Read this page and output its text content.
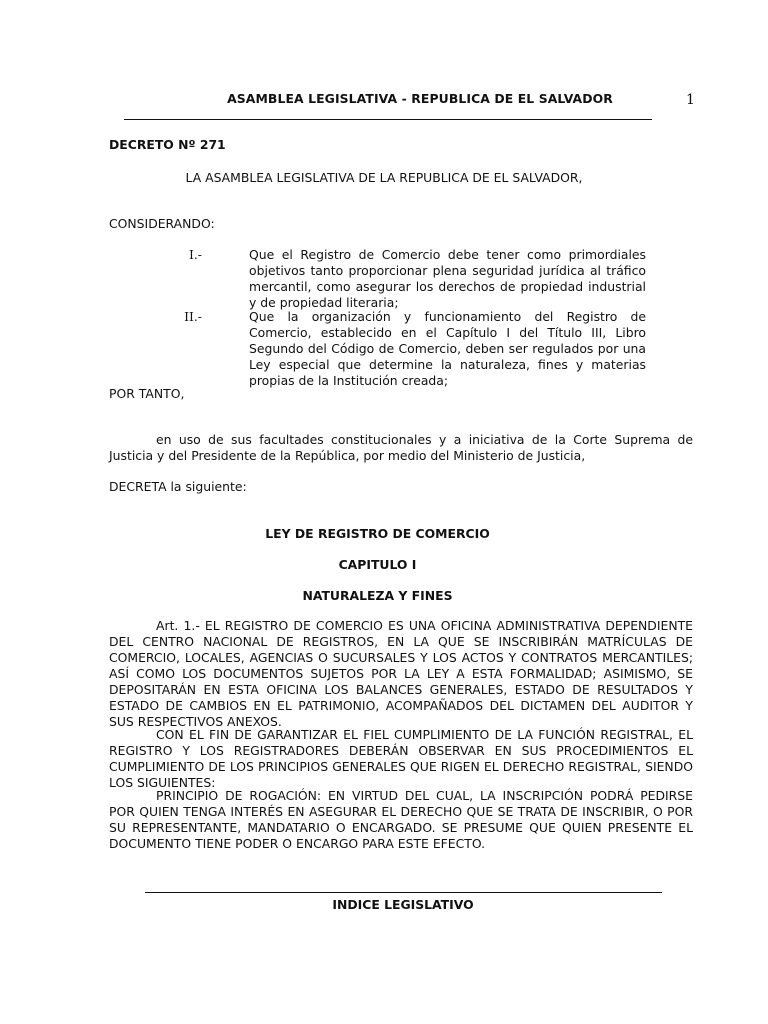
ASAMBLEA LEGISLATIVA - REPUBLICA DE EL SALVADOR	1
DECRETO Nº 271
LA ASAMBLEA LEGISLATIVA DE LA REPUBLICA DE EL SALVADOR,
CONSIDERANDO:
I.-	Que el Registro de Comercio debe tener como primordiales objetivos tanto proporcionar plena seguridad jurídica al tráfico mercantil, como asegurar los derechos de propiedad industrial y de propiedad literaria;
II.-	Que la organización y funcionamiento del Registro de Comercio, establecido en el Capítulo I del Título III, Libro Segundo del Código de Comercio, deben ser regulados por una Ley especial que determine la naturaleza, fines y materias propias de la Institución creada;
POR TANTO,
en uso de sus facultades constitucionales y a iniciativa de la Corte Suprema de Justicia y del Presidente de la República, por medio del Ministerio de Justicia,
DECRETA la siguiente:
LEY DE REGISTRO DE COMERCIO
CAPITULO I
NATURALEZA Y FINES
Art. 1.- EL REGISTRO DE COMERCIO ES UNA OFICINA ADMINISTRATIVA DEPENDIENTE DEL CENTRO NACIONAL DE REGISTROS, EN LA QUE SE INSCRIBIRÁN MATRÍCULAS DE COMERCIO, LOCALES, AGENCIAS O SUCURSALES Y LOS ACTOS Y CONTRATOS MERCANTILES; ASÍ COMO LOS DOCUMENTOS SUJETOS POR LA LEY A ESTA FORMALIDAD; ASIMISMO, SE DEPOSITARÁN EN ESTA OFICINA LOS BALANCES GENERALES, ESTADO DE RESULTADOS Y ESTADO DE CAMBIOS EN EL PATRIMONIO, ACOMPAÑADOS DEL DICTAMEN DEL AUDITOR Y SUS RESPECTIVOS ANEXOS.
CON EL FIN DE GARANTIZAR EL FIEL CUMPLIMIENTO DE LA FUNCIÓN REGISTRAL, EL REGISTRO Y LOS REGISTRADORES DEBERÁN OBSERVAR EN SUS PROCEDIMIENTOS EL CUMPLIMIENTO DE LOS PRINCIPIOS GENERALES QUE RIGEN EL DERECHO REGISTRAL, SIENDO LOS SIGUIENTES:
PRINCIPIO DE ROGACIÓN: EN VIRTUD DEL CUAL, LA INSCRIPCIÓN PODRÁ PEDIRSE POR QUIEN TENGA INTERÉS EN ASEGURAR EL DERECHO QUE SE TRATA DE INSCRIBIR, O POR SU REPRESENTANTE, MANDATARIO O ENCARGADO. SE PRESUME QUE QUIEN PRESENTE EL DOCUMENTO TIENE PODER O ENCARGO PARA ESTE EFECTO.
INDICE LEGISLATIVO
